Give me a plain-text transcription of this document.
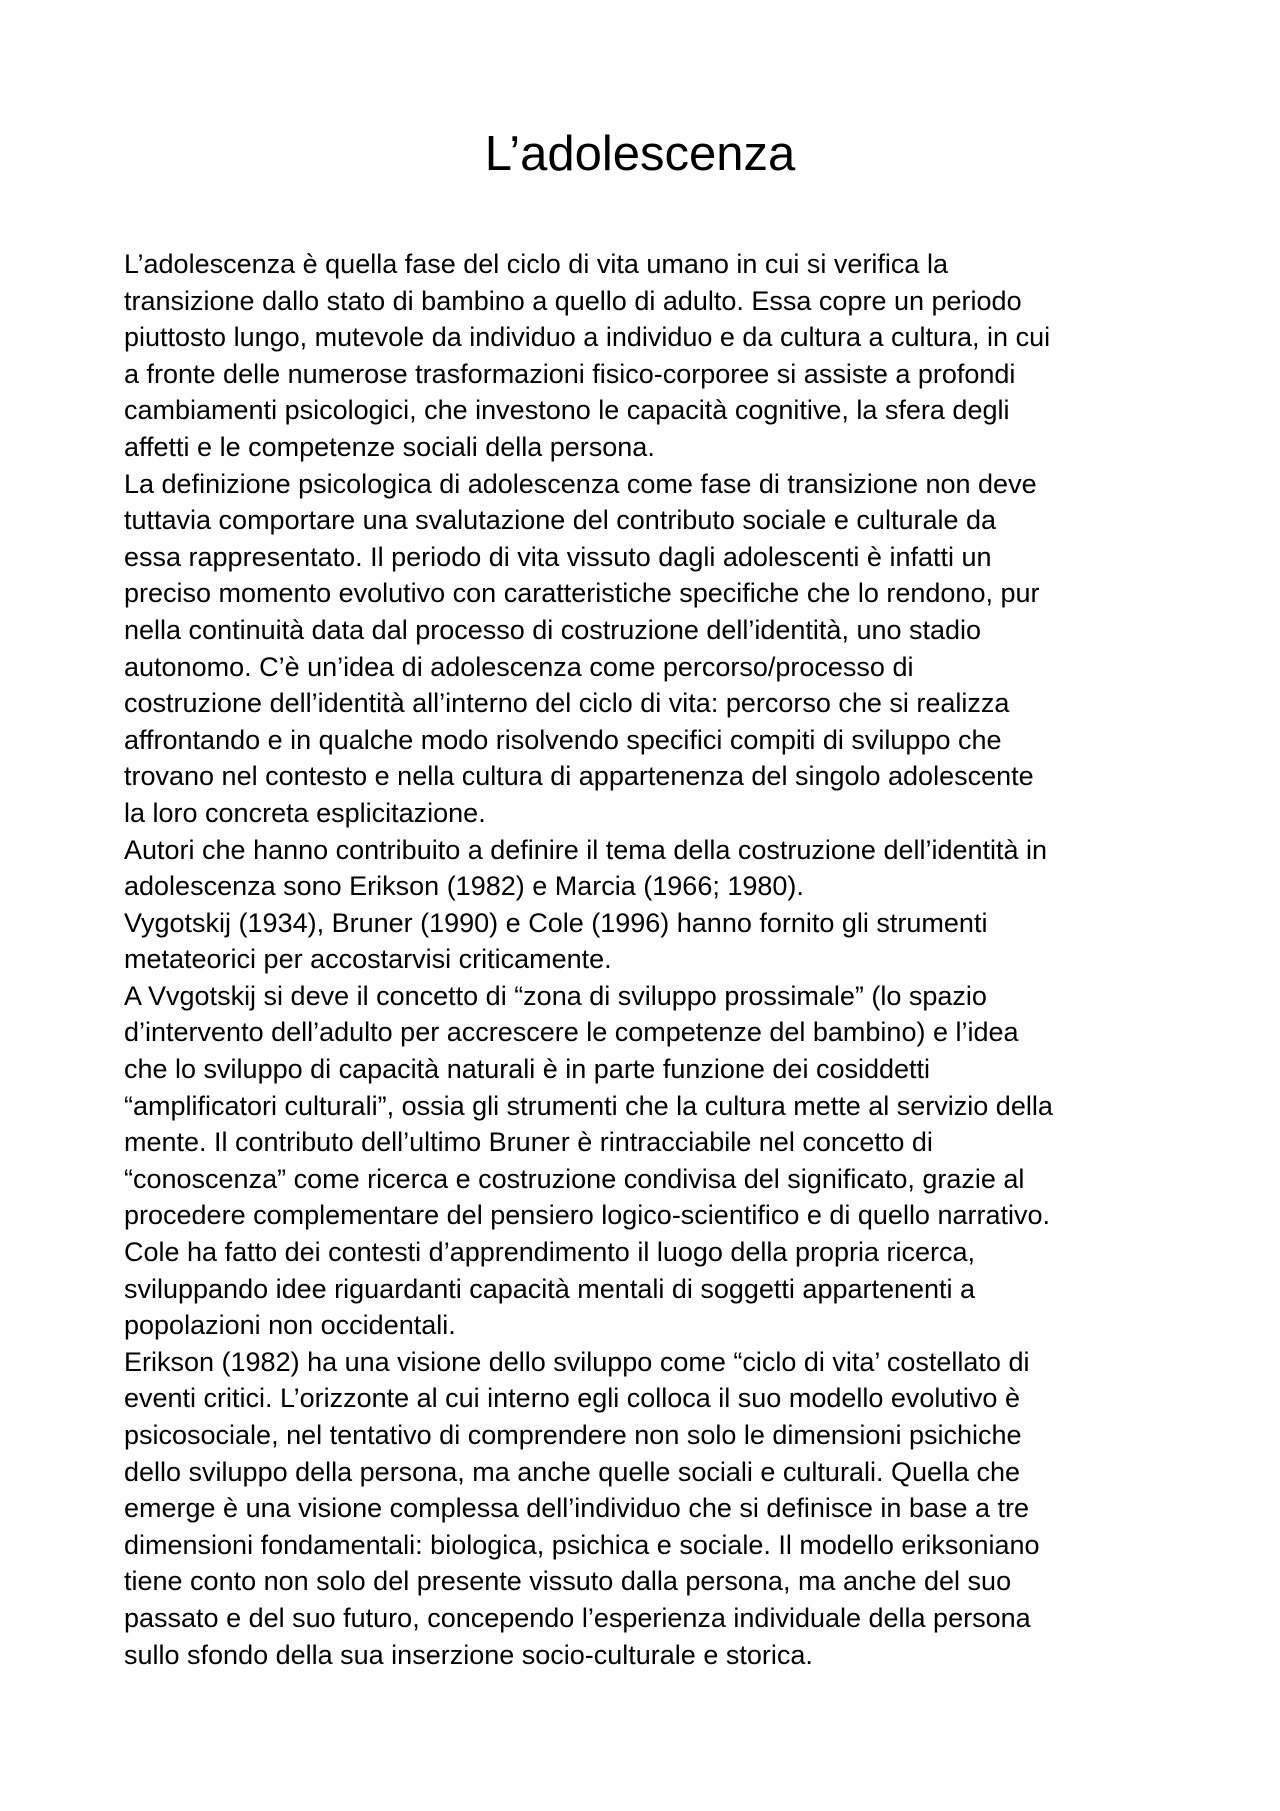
L’adolescenza
L’adolescenza è quella fase del ciclo di vita umano in cui si verifica la
transizione dallo stato di bambino a quello di adulto. Essa copre un periodo
piuttosto lungo, mutevole da individuo a individuo e da cultura a cultura, in cui
a fronte delle numerose trasformazioni fisico-corporee si assiste a profondi
cambiamenti psicologici, che investono le capacità cognitive, la sfera degli
affetti e le competenze sociali della persona.
La definizione psicologica di adolescenza come fase di transizione non deve
tuttavia comportare una svalutazione del contributo sociale e culturale da
essa rappresentato. Il periodo di vita vissuto dagli adolescenti è infatti un
preciso momento evolutivo con caratteristiche specifiche che lo rendono, pur
nella continuità data dal processo di costruzione dell’identità, uno stadio
autonomo. C’è un’idea di adolescenza come percorso/processo di
costruzione dell’identità all’interno del ciclo di vita: percorso che si realizza
affrontando e in qualche modo risolvendo specifici compiti di sviluppo che
trovano nel contesto e nella cultura di appartenenza del singolo adolescente
la loro concreta esplicitazione.
Autori che hanno contribuito a definire il tema della costruzione dell’identità in
adolescenza sono Erikson (1982) e Marcia (1966; 1980).
Vygotskij (1934), Bruner (1990) e Cole (1996) hanno fornito gli strumenti
metateorici per accostarvisi criticamente.
A Vvgotskij si deve il concetto di “zona di sviluppo prossimale” (lo spazio
d’intervento dell’adulto per accrescere le competenze del bambino) e l’idea
che lo sviluppo di capacità naturali è in parte funzione dei cosiddetti
“amplificatori culturali”, ossia gli strumenti che la cultura mette al servizio della
mente. Il contributo dell’ultimo Bruner è rintracciabile nel concetto di
“conoscenza” come ricerca e costruzione condivisa del significato, grazie al
procedere complementare del pensiero logico-scientifico e di quello narrativo.
Cole ha fatto dei contesti d’apprendimento il luogo della propria ricerca,
sviluppando idee riguardanti capacità mentali di soggetti appartenenti a
popolazioni non occidentali.
Erikson (1982) ha una visione dello sviluppo come “ciclo di vita’ costellato di
eventi critici. L’orizzonte al cui interno egli colloca il suo modello evolutivo è
psicosociale, nel tentativo di comprendere non solo le dimensioni psichiche
dello sviluppo della persona, ma anche quelle sociali e culturali. Quella che
emerge è una visione complessa dell’individuo che si definisce in base a tre
dimensioni fondamentali: biologica, psichica e sociale. Il modello eriksoniano
tiene conto non solo del presente vissuto dalla persona, ma anche del suo
passato e del suo futuro, concependo l’esperienza individuale della persona
sullo sfondo della sua inserzione socio-culturale e storica.
